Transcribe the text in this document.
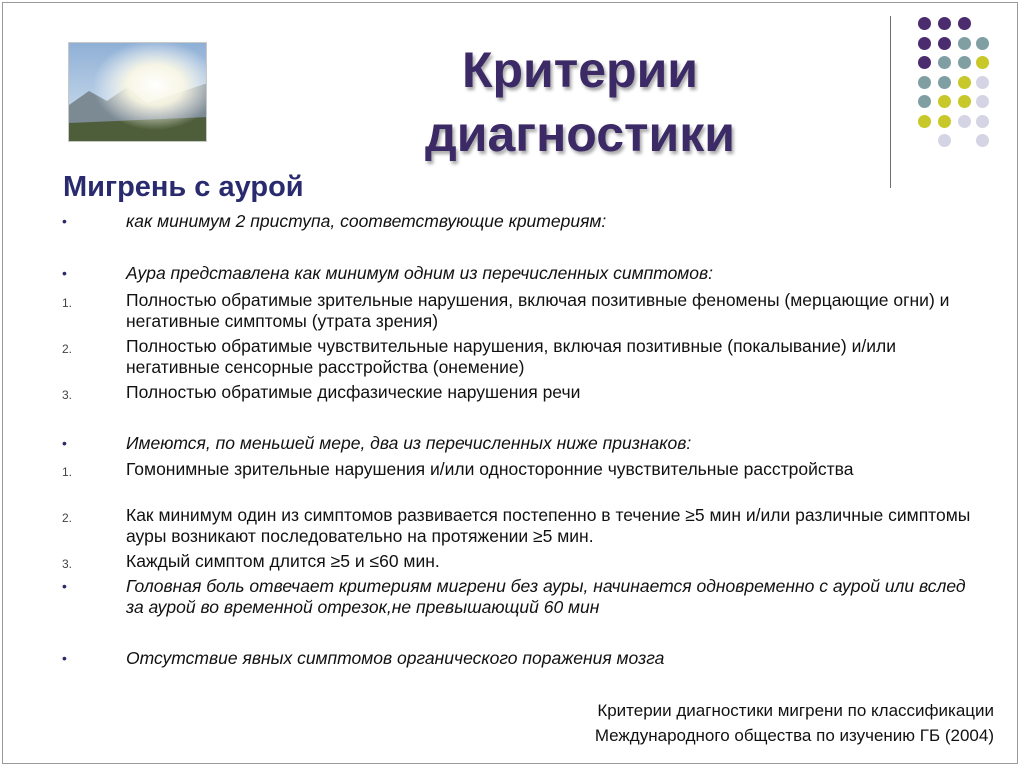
Критерии
диагностики
Мигрень с аурой
•	как минимум 2 приступа, соответствующие критериям:
•	Аура представлена как минимум одним из перечисленных симптомов:
1.	Полностью обратимые зрительные нарушения, включая позитивные феномены (мерцающие огни) и негативные симптомы (утрата зрения)
2.	Полностью обратимые чувствительные нарушения, включая позитивные (покалывание) и/или негативные сенсорные расстройства (онемение)
3.	Полностью обратимые дисфазические нарушения речи
•	Имеются, по меньшей мере, два из перечисленных ниже признаков:
1.	Гомонимные зрительные нарушения и/или односторонние чувствительные расстройства
2.	Как минимум один из симптомов развивается постепенно в течение ≥5 мин и/или различные симптомы ауры возникают последовательно на протяжении ≥5 мин.
3.	Каждый симптом длится ≥5 и ≤60 мин.
•	Головная боль отвечает критериям мигрени без ауры, начинается одновременно с аурой или вслед за аурой во временной отрезок,не превышающий 60 мин
•	Отсутствие явных симптомов органического поражения мозга
Критерии диагностики мигрени по классификации
Международного общества по изучению ГБ (2004)
